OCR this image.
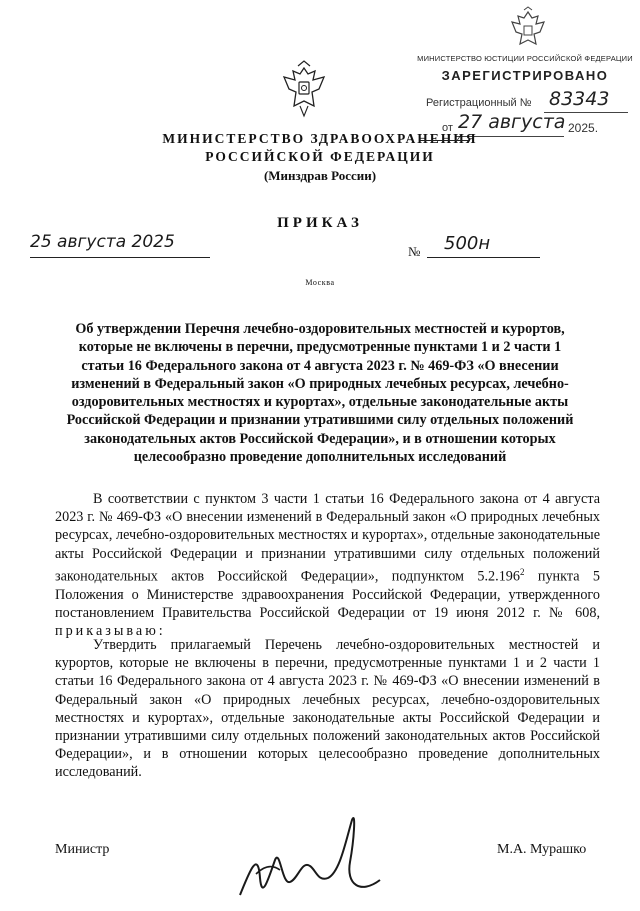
МИНИСТЕРСТВО ЮСТИЦИИ РОССИЙСКОЙ ФЕДЕРАЦИИ
ЗАРЕГИСТРИРОВАНО
Регистрационный № 83343
от 27 августа 2025.
МИНИСТЕРСТВО ЗДРАВООХРАНЕНИЯ
РОССИЙСКОЙ ФЕДЕРАЦИИ
(Минздрав России)
ПРИКАЗ
25 августа 2025	№ 500н
Москва
Об утверждении Перечня лечебно-оздоровительных местностей и курортов, которые не включены в перечни, предусмотренные пунктами 1 и 2 части 1 статьи 16 Федерального закона от 4 августа 2023 г. № 469-ФЗ «О внесении изменений в Федеральный закон «О природных лечебных ресурсах, лечебно-оздоровительных местностях и курортах», отдельные законодательные акты Российской Федерации и признании утратившими силу отдельных положений законодательных актов Российской Федерации», и в отношении которых целесообразно проведение дополнительных исследований
В соответствии с пунктом 3 части 1 статьи 16 Федерального закона от 4 августа 2023 г. № 469-ФЗ «О внесении изменений в Федеральный закон «О природных лечебных ресурсах, лечебно-оздоровительных местностях и курортах», отдельные законодательные акты Российской Федерации и признании утратившими силу отдельных положений законодательных актов Российской Федерации», подпунктом 5.2.196$^2$ пункта 5 Положения о Министерстве здравоохранения Российской Федерации, утвержденного постановлением Правительства Российской Федерации от 19 июня 2012 г. № 608, приказываю:
Утвердить прилагаемый Перечень лечебно-оздоровительных местностей и курортов, которые не включены в перечни, предусмотренные пунктами 1 и 2 части 1 статьи 16 Федерального закона от 4 августа 2023 г. № 469-ФЗ «О внесении изменений в Федеральный закон «О природных лечебных ресурсах, лечебно-оздоровительных местностях и курортах», отдельные законодательные акты Российской Федерации и признании утратившими силу отдельных положений законодательных актов Российской Федерации», и в отношении которых целесообразно проведение дополнительных исследований.
Министр	М.А. Мурашко
